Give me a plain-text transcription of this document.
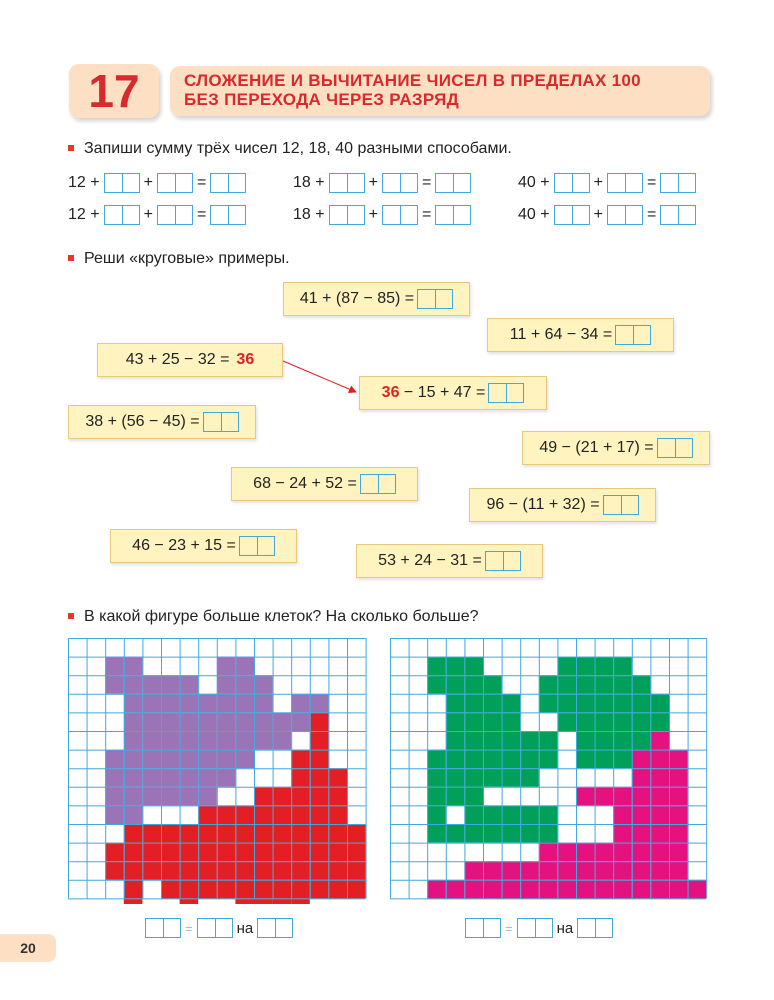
17	СЛОЖЕНИЕ И ВЫЧИТАНИЕ ЧИСЕЛ В ПРЕДЕЛАХ 100
БЕЗ ПЕРЕХОДА ЧЕРЕЗ РАЗРЯД
Запиши сумму трёх чисел 12, 18, 40 разными способами.
12 +	+	=	18 +	+	=	40 +	+	=
12 +	+	=	18 +	+	=	40 +	+	=
Реши «круговые» примеры.
41 + (87 − 85) =
11 + 64 − 34 =
43 + 25 − 32 = 36
36 − 15 + 47 =
38 + (56 − 45) =
49 − (21 + 17) =
68 − 24 + 52 =
96 − (11 + 32) =
46 − 23 + 15 =
53 + 24 − 31 =
В какой фигуре больше клеток? На сколько больше?
=	на	=	на
20
